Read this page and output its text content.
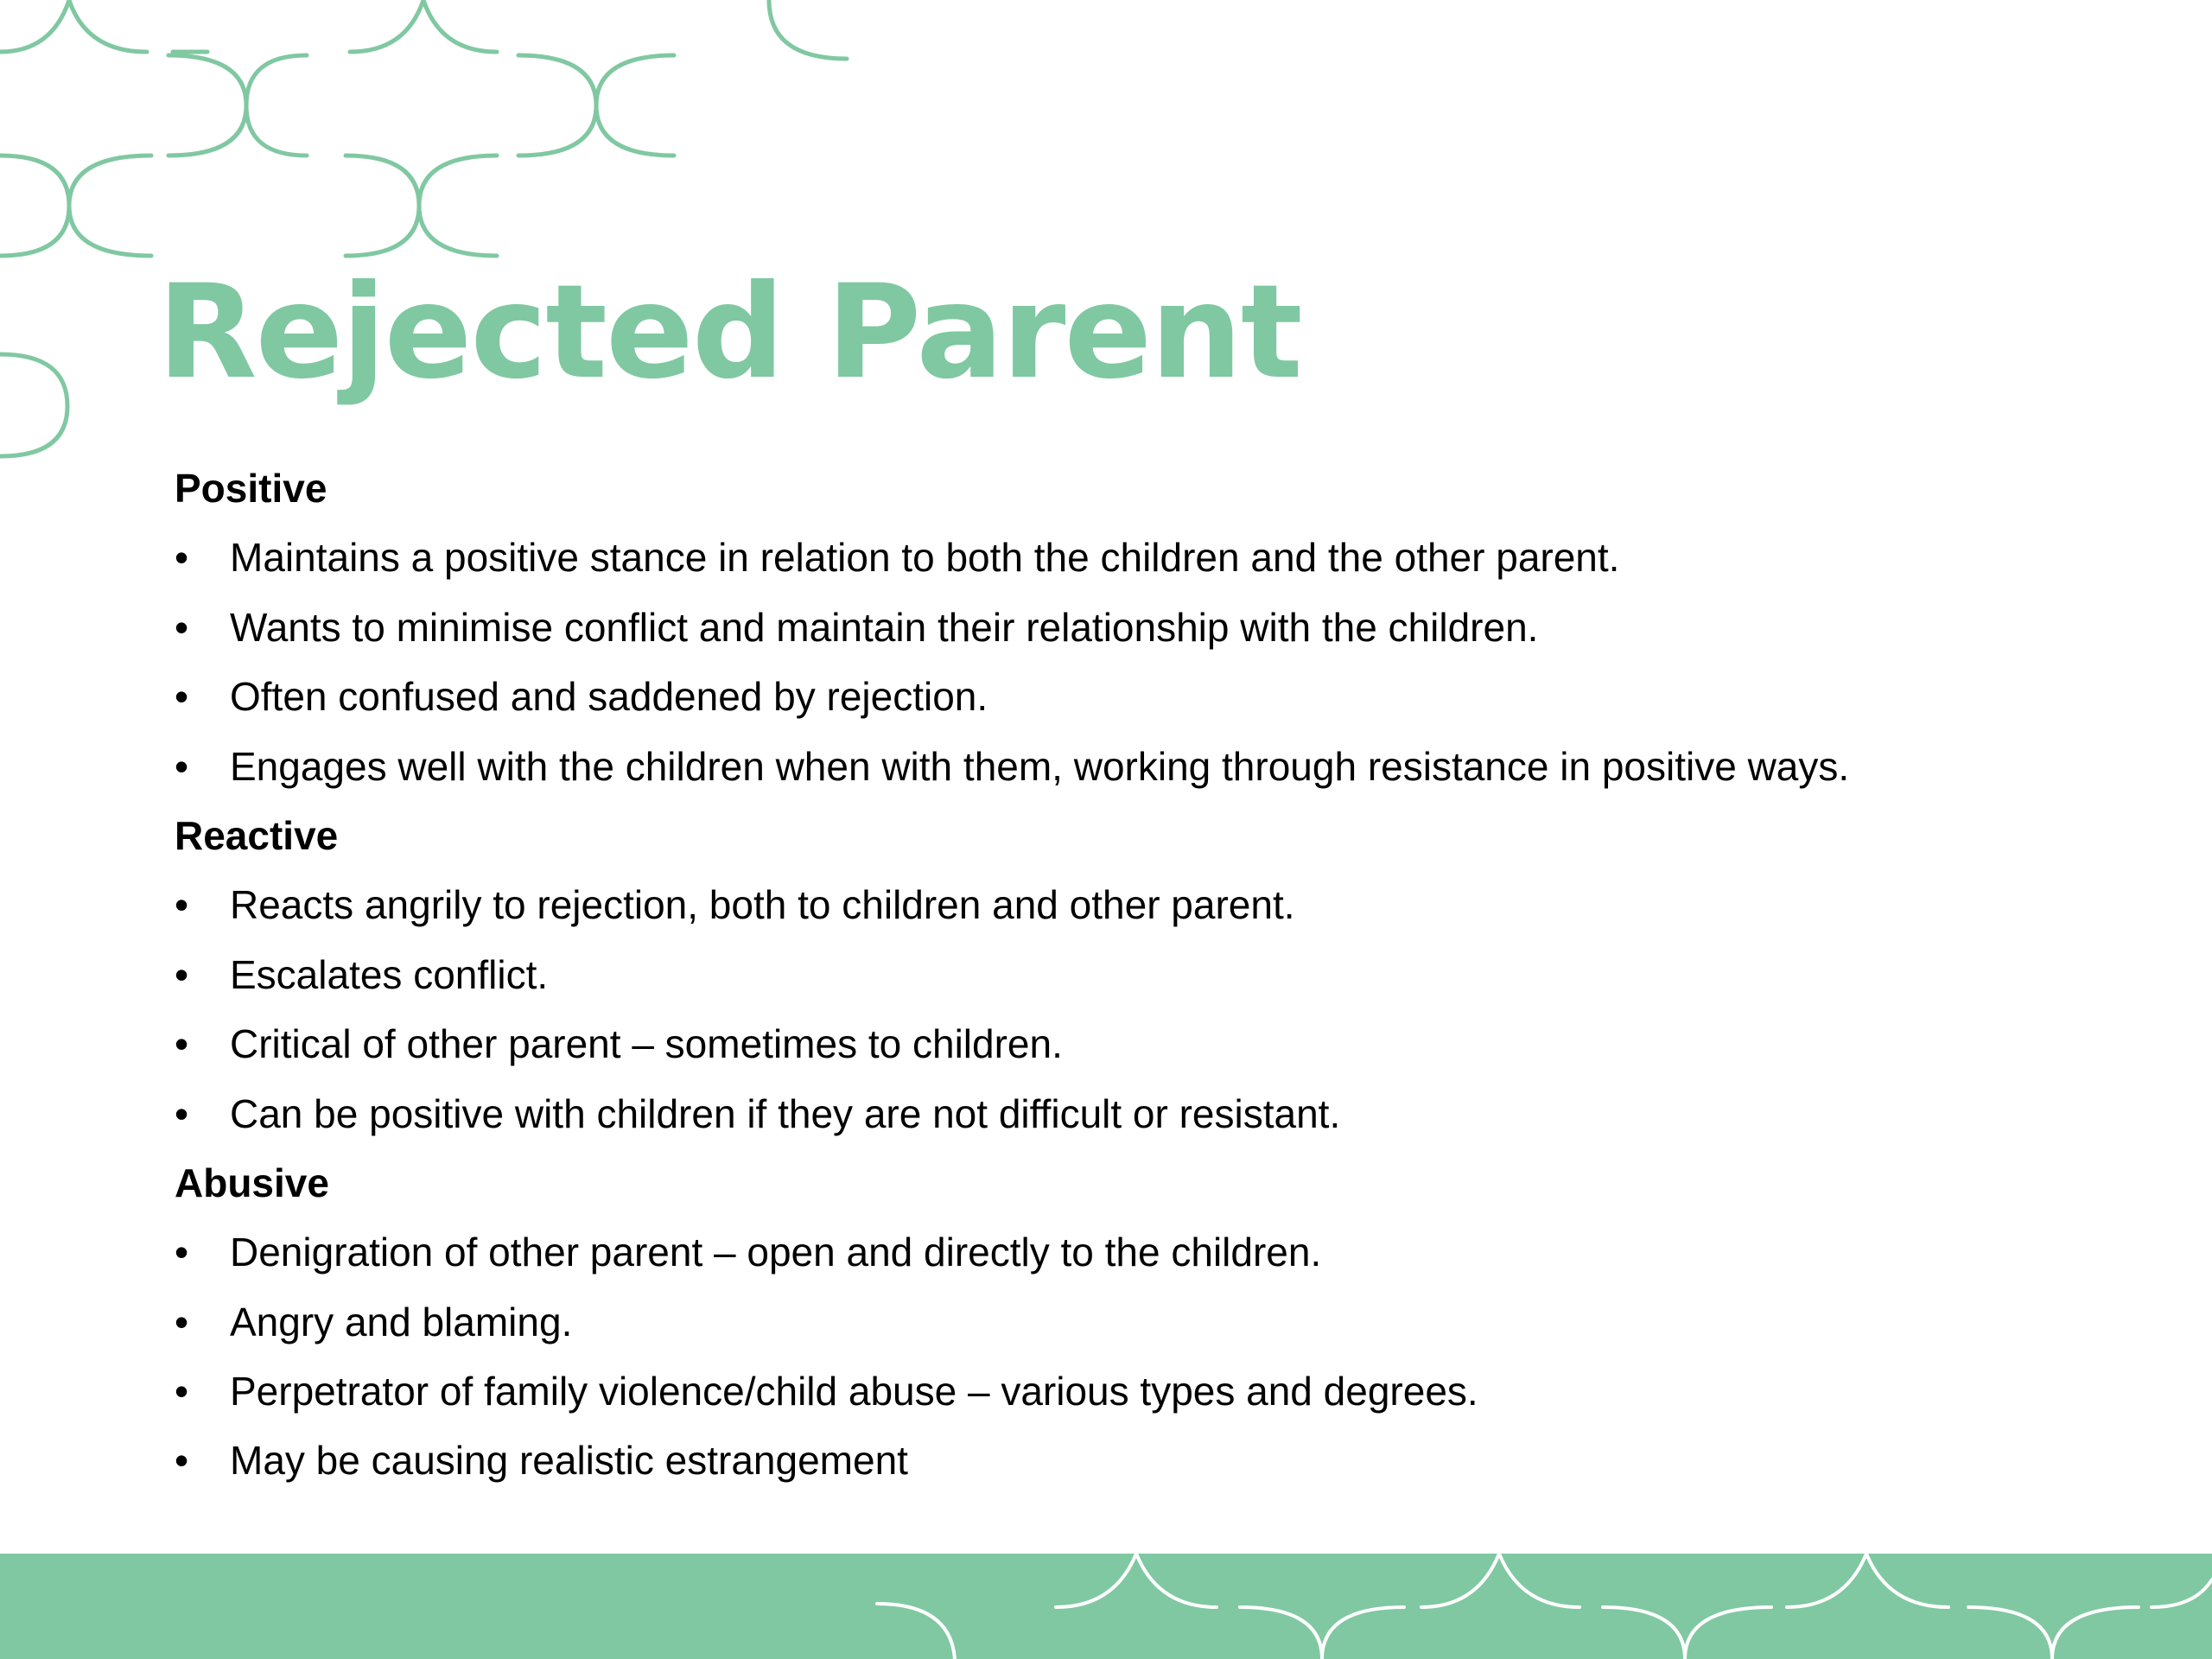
Rejected Parent
Positive
•	Maintains a positive stance in relation to both the children and the other parent.
•	Wants to minimise conflict and maintain their relationship with the children.
•	Often confused and saddened by rejection.
•	Engages well with the children when with them, working through resistance in positive ways.
Reactive
•	Reacts angrily to rejection, both to children and other parent.
•	Escalates conflict.
•	Critical of other parent – sometimes to children.
•	Can be positive with children if they are not difficult or resistant.
Abusive
•	Denigration of other parent – open and directly to the children.
•	Angry and blaming.
•	Perpetrator of family violence/child abuse – various types and degrees.
•	May be causing realistic estrangement
